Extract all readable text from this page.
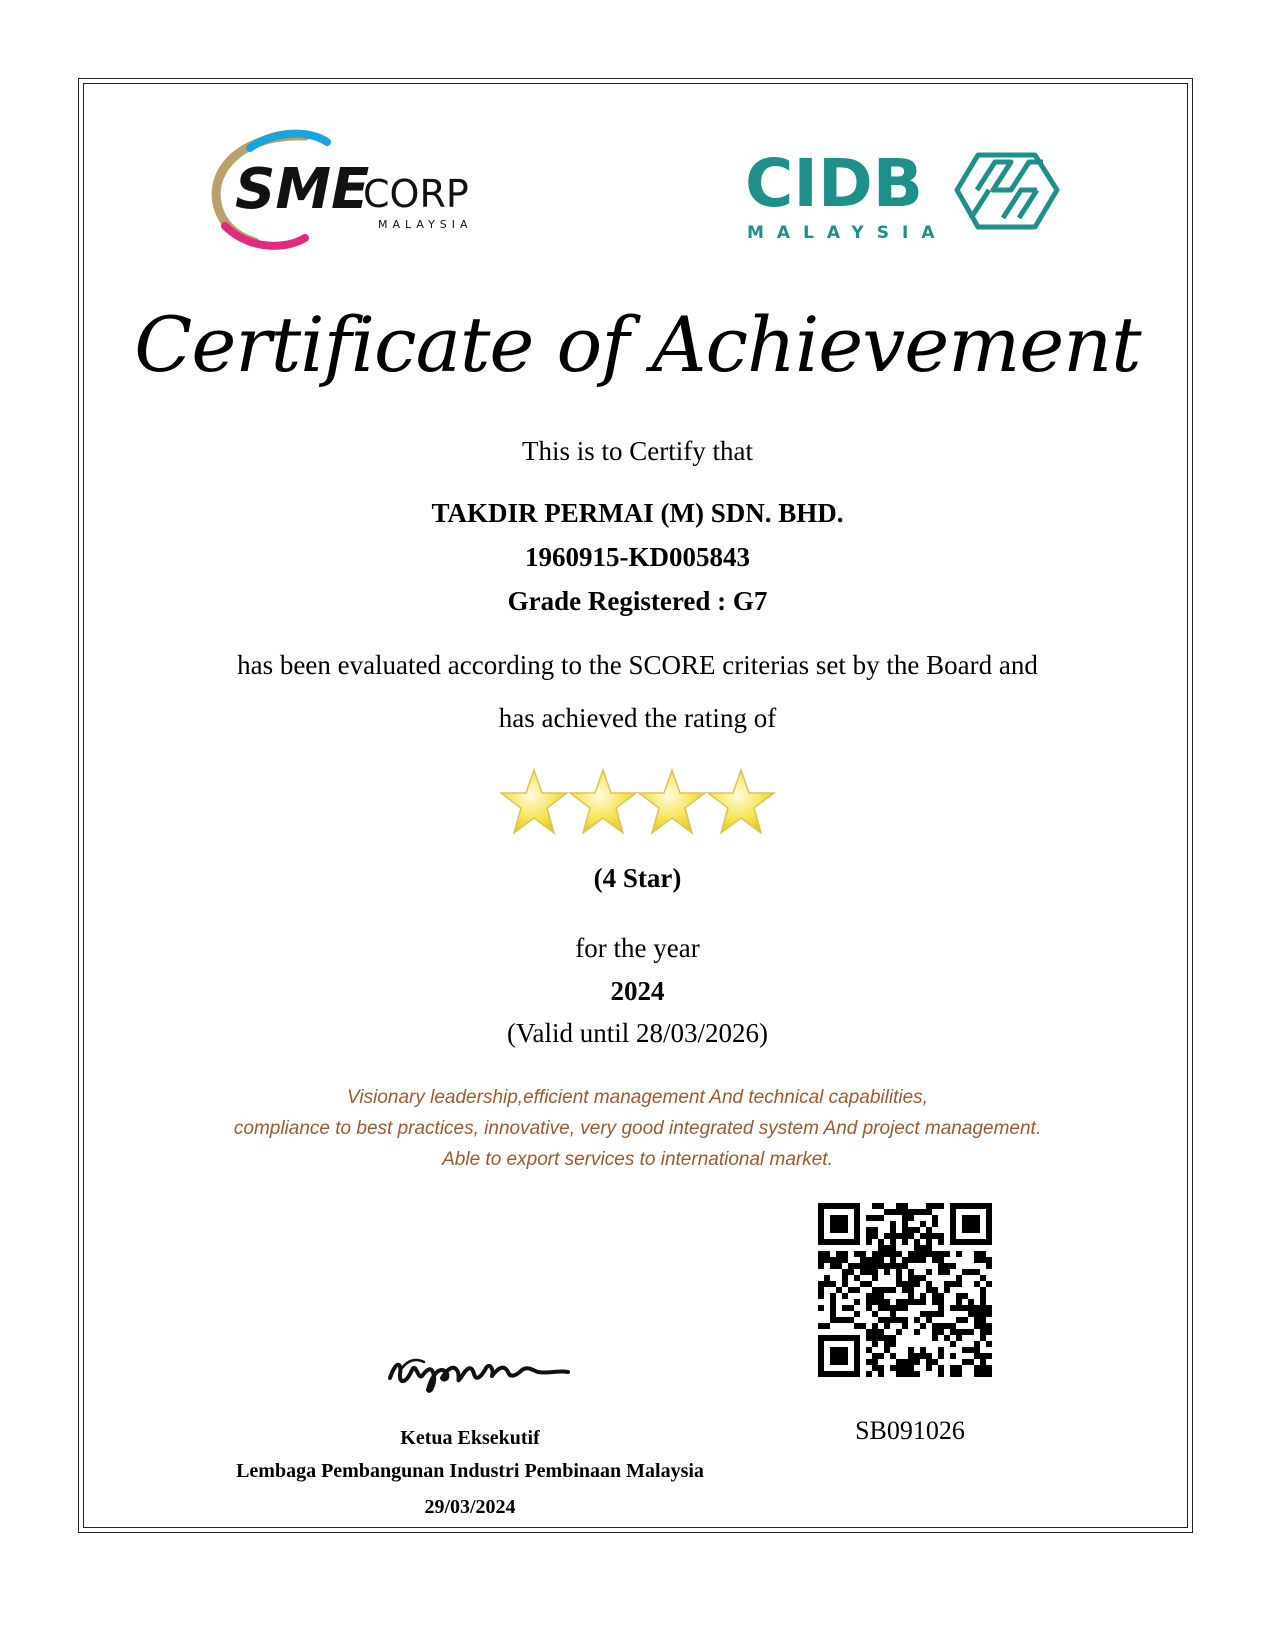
SME
CORP
MALAYSIA
CIDB
MALAYSIA
Certificate of Achievement
This is to Certify that
TAKDIR PERMAI (M) SDN. BHD.
1960915-KD005843
Grade Registered : G7
has been evaluated according to the SCORE criterias set by the Board and
has achieved the rating of
(4 Star)
for the year
2024
(Valid until 28/03/2026)
Visionary leadership,efficient management And technical capabilities,
compliance to best practices, innovative, very good integrated system And project management.
Able to export services to international market.
SB091026
Ketua Eksekutif
Lembaga Pembangunan Industri Pembinaan Malaysia
29/03/2024
